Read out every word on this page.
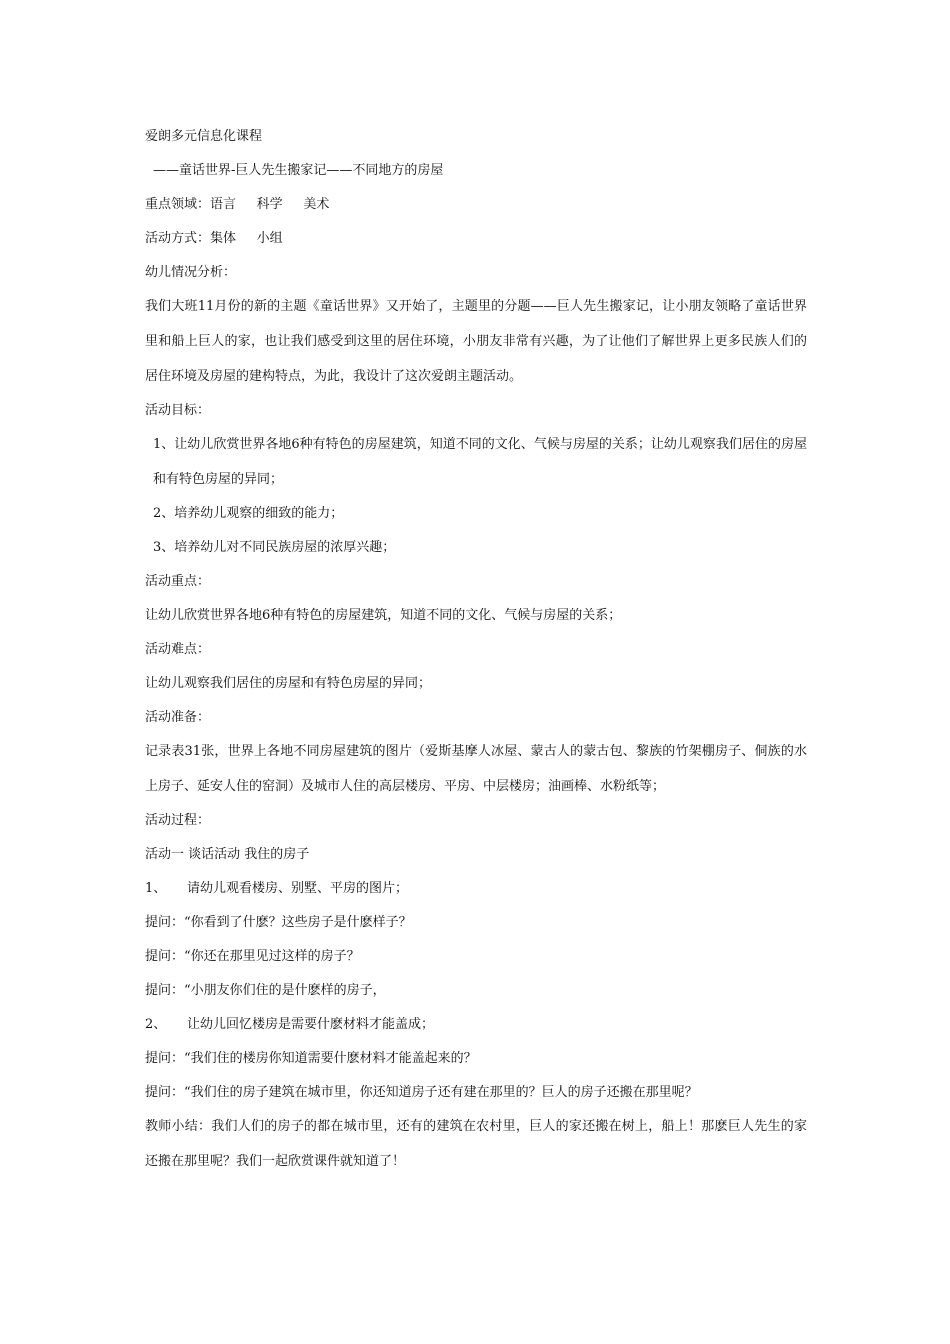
爱朗多元信息化课程

——童话世界-巨人先生搬家记——不同地方的房屋

重点领域：语言     科学     美术

活动方式：集体     小组

幼儿情况分析：

我们大班11月份的新的主题《童话世界》又开始了，主题里的分题——巨人先生搬家记，让小朋友领略了童话世界里和船上巨人的家，也让我们感受到这里的居住环境，小朋友非常有兴趣，为了让他们了解世界上更多民族人们的居住环境及房屋的建构特点，为此，我设计了这次爱朗主题活动。

活动目标：

1、让幼儿欣赏世界各地6种有特色的房屋建筑，知道不同的文化、气候与房屋的关系；让幼儿观察我们居住的房屋和有特色房屋的异同；

2、培养幼儿观察的细致的能力；

3、培养幼儿对不同民族房屋的浓厚兴趣；

活动重点：

让幼儿欣赏世界各地6种有特色的房屋建筑，知道不同的文化、气候与房屋的关系；

活动难点：

让幼儿观察我们居住的房屋和有特色房屋的异同；

活动准备：

记录表31张，世界上各地不同房屋建筑的图片（爱斯基摩人冰屋、蒙古人的蒙古包、黎族的竹架棚房子、侗族的水上房子、延安人住的窑洞）及城市人住的高层楼房、平房、中层楼房；油画棒、水粉纸等；

活动过程：

活动一 谈话活动 我住的房子

1、 请幼儿观看楼房、别墅、平房的图片；

提问：“你看到了什麽？这些房子是什麽样子？

提问：“你还在那里见过这样的房子？

提问：“小朋友你们住的是什麽样的房子，

2、 让幼儿回忆楼房是需要什麽材料才能盖成；

提问：“我们住的楼房你知道需要什麽材料才能盖起来的？

提问：“我们住的房子建筑在城市里，你还知道房子还有建在那里的？巨人的房子还搬在那里呢？

教师小结：我们人们的房子的都在城市里，还有的建筑在农村里，巨人的家还搬在树上，船上！那麽巨人先生的家还搬在那里呢？我们一起欣赏课件就知道了！
